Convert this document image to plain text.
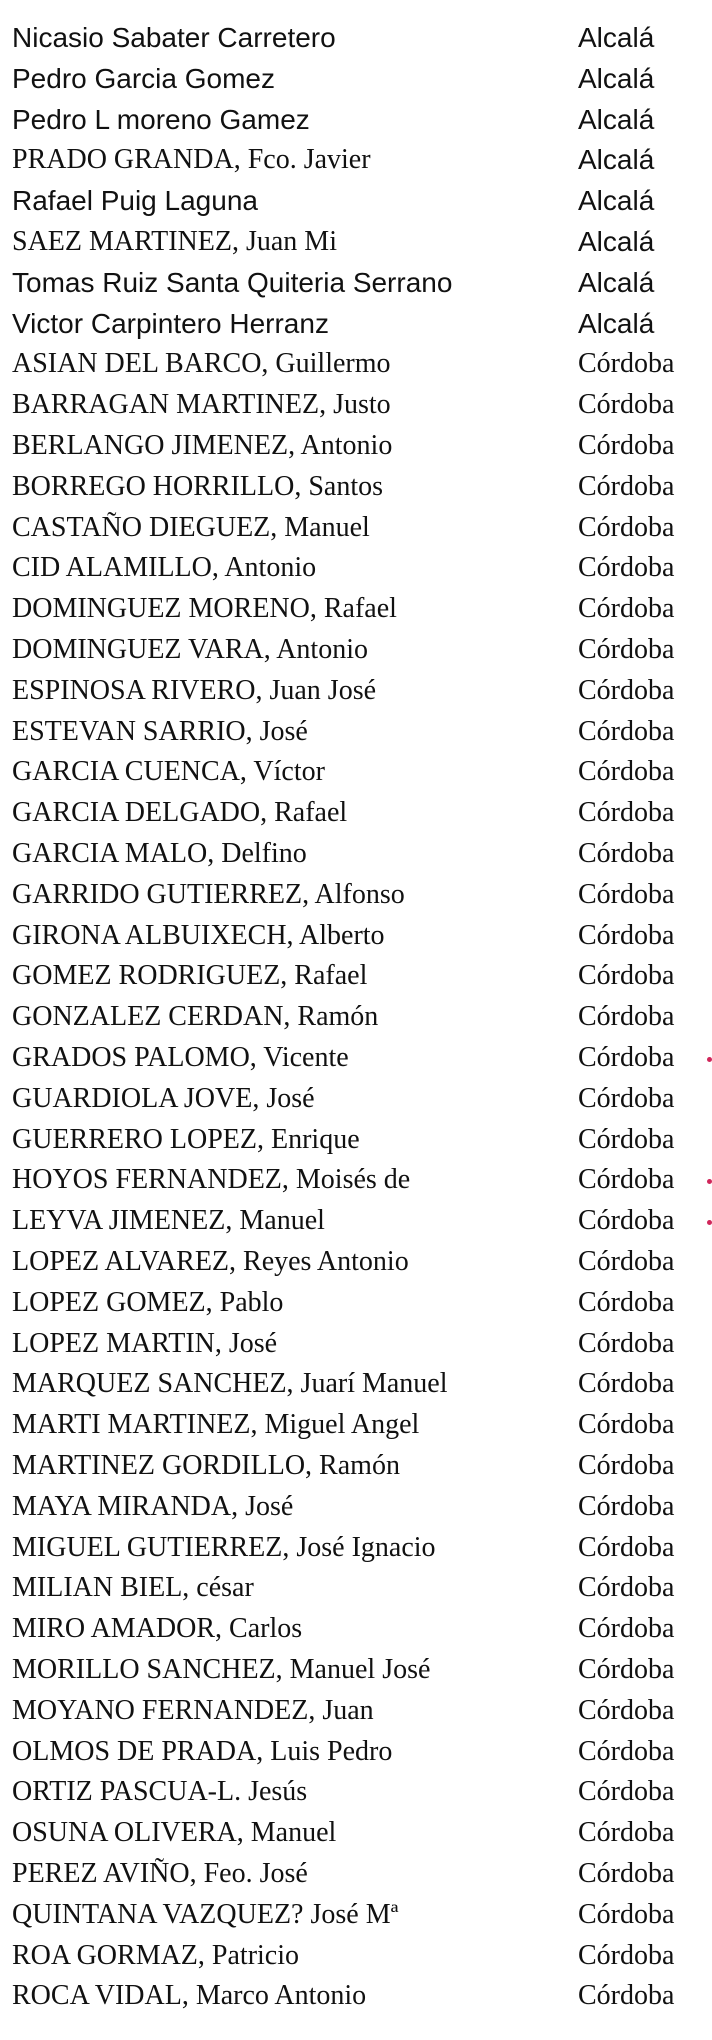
Nicasio Sabater Carretero	Alcalá
Pedro Garcia Gomez	Alcalá
Pedro L moreno Gamez	Alcalá
PRADO GRANDA, Fco. Javier	Alcalá
Rafael Puig Laguna	Alcalá
SAEZ MARTINEZ, Juan Mi	Alcalá
Tomas Ruiz Santa Quiteria Serrano	Alcalá
Victor Carpintero Herranz	Alcalá
ASIAN DEL BARCO, Guillermo	Córdoba
BARRAGAN MARTINEZ, Justo	Córdoba
BERLANGO JIMENEZ, Antonio	Córdoba
BORREGO HORRILLO, Santos	Córdoba
CASTAÑO DIEGUEZ, Manuel	Córdoba
CID ALAMILLO, Antonio	Córdoba
DOMINGUEZ MORENO, Rafael	Córdoba
DOMINGUEZ VARA, Antonio	Córdoba
ESPINOSA RIVERO, Juan José	Córdoba
ESTEVAN SARRIO, José	Córdoba
GARCIA CUENCA, Víctor	Córdoba
GARCIA DELGADO, Rafael	Córdoba
GARCIA MALO, Delfino	Córdoba
GARRIDO GUTIERREZ, Alfonso	Córdoba
GIRONA ALBUIXECH, Alberto	Córdoba
GOMEZ RODRIGUEZ, Rafael	Córdoba
GONZALEZ CERDAN, Ramón	Córdoba
GRADOS PALOMO, Vicente	Córdoba
GUARDIOLA JOVE, José	Córdoba
GUERRERO LOPEZ, Enrique	Córdoba
HOYOS FERNANDEZ, Moisés de	Córdoba
LEYVA JIMENEZ, Manuel	Córdoba
LOPEZ ALVAREZ, Reyes Antonio	Córdoba
LOPEZ GOMEZ, Pablo	Córdoba
LOPEZ MARTIN, José	Córdoba
MARQUEZ SANCHEZ, Juarí Manuel	Córdoba
MARTI MARTINEZ, Miguel Angel	Córdoba
MARTINEZ GORDILLO, Ramón	Córdoba
MAYA MIRANDA, José	Córdoba
MIGUEL GUTIERREZ, José Ignacio	Córdoba
MILIAN BIEL, césar	Córdoba
MIRO AMADOR, Carlos	Córdoba
MORILLO SANCHEZ, Manuel José	Córdoba
MOYANO FERNANDEZ, Juan	Córdoba
OLMOS DE PRADA, Luis Pedro	Córdoba
ORTIZ PASCUA-L. Jesús	Córdoba
OSUNA OLIVERA, Manuel	Córdoba
PEREZ AVIÑO, Feo. José	Córdoba
QUINTANA VAZQUEZ? José Mª	Córdoba
ROA GORMAZ, Patricio	Córdoba
ROCA VIDAL, Marco Antonio	Córdoba
